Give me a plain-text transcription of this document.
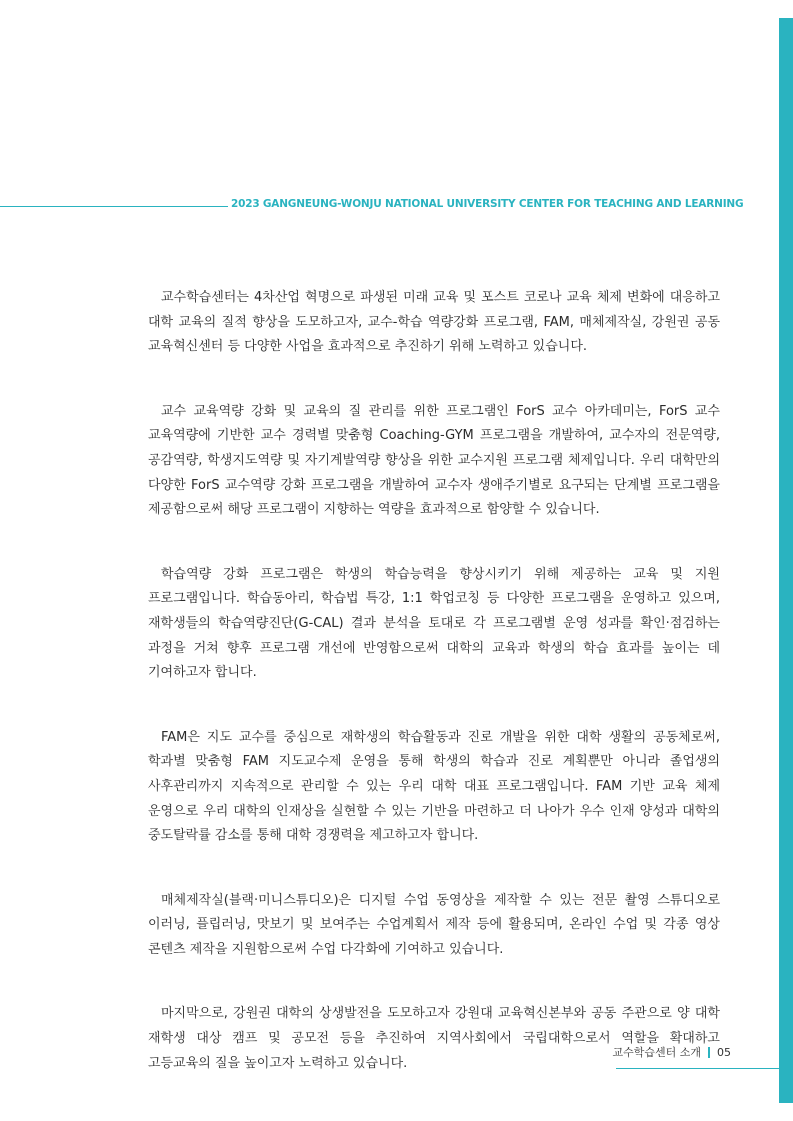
2023 GANGNEUNG-WONJU NATIONAL UNIVERSITY CENTER FOR TEACHING AND LEARNING

교수학습센터는 4차산업 혁명으로 파생된 미래 교육 및 포스트 코로나 교육 체제 변화에 대응하고 대학 교육의 질적 향상을 도모하고자, 교수-학습 역량강화 프로그램, FAM, 매체제작실, 강원권 공동 교육혁신센터 등 다양한 사업을 효과적으로 추진하기 위해 노력하고 있습니다.

교수 교육역량 강화 및 교육의 질 관리를 위한 프로그램인 ForS 교수 아카데미는, ForS 교수 교육역량에 기반한 교수 경력별 맞춤형 Coaching-GYM 프로그램을 개발하여, 교수자의 전문역량, 공감역량, 학생지도역량 및 자기계발역량 향상을 위한 교수지원 프로그램 체제입니다. 우리 대학만의 다양한 ForS 교수역량 강화 프로그램을 개발하여 교수자 생애주기별로 요구되는 단계별 프로그램을 제공함으로써 해당 프로그램이 지향하는 역량을 효과적으로 함양할 수 있습니다.

학습역량 강화 프로그램은 학생의 학습능력을 향상시키기 위해 제공하는 교육 및 지원 프로그램입니다. 학습동아리, 학습법 특강, 1:1 학업코칭 등 다양한 프로그램을 운영하고 있으며, 재학생들의 학습역량진단(G-CAL) 결과 분석을 토대로 각 프로그램별 운영 성과를 확인·점검하는 과정을 거쳐 향후 프로그램 개선에 반영함으로써 대학의 교육과 학생의 학습 효과를 높이는 데 기여하고자 합니다.

FAM은 지도 교수를 중심으로 재학생의 학습활동과 진로 개발을 위한 대학 생활의 공동체로써, 학과별 맞춤형 FAM 지도교수제 운영을 통해 학생의 학습과 진로 계획뿐만 아니라 졸업생의 사후관리까지 지속적으로 관리할 수 있는 우리 대학 대표 프로그램입니다. FAM 기반 교육 체제 운영으로 우리 대학의 인재상을 실현할 수 있는 기반을 마련하고 더 나아가 우수 인재 양성과 대학의 중도탈락률 감소를 통해 대학 경쟁력을 제고하고자 합니다.

매체제작실(블랙·미니스튜디오)은 디지털 수업 동영상을 제작할 수 있는 전문 촬영 스튜디오로 이러닝, 플립러닝, 맛보기 및 보여주는 수업계획서 제작 등에 활용되며, 온라인 수업 및 각종 영상 콘텐츠 제작을 지원함으로써 수업 다각화에 기여하고 있습니다.

마지막으로, 강원권 대학의 상생발전을 도모하고자 강원대 교육혁신본부와 공동 주관으로 양 대학 재학생 대상 캠프 및 공모전 등을 추진하여 지역사회에서 국립대학으로서 역할을 확대하고 고등교육의 질을 높이고자 노력하고 있습니다.

교수학습센터 소개 05
